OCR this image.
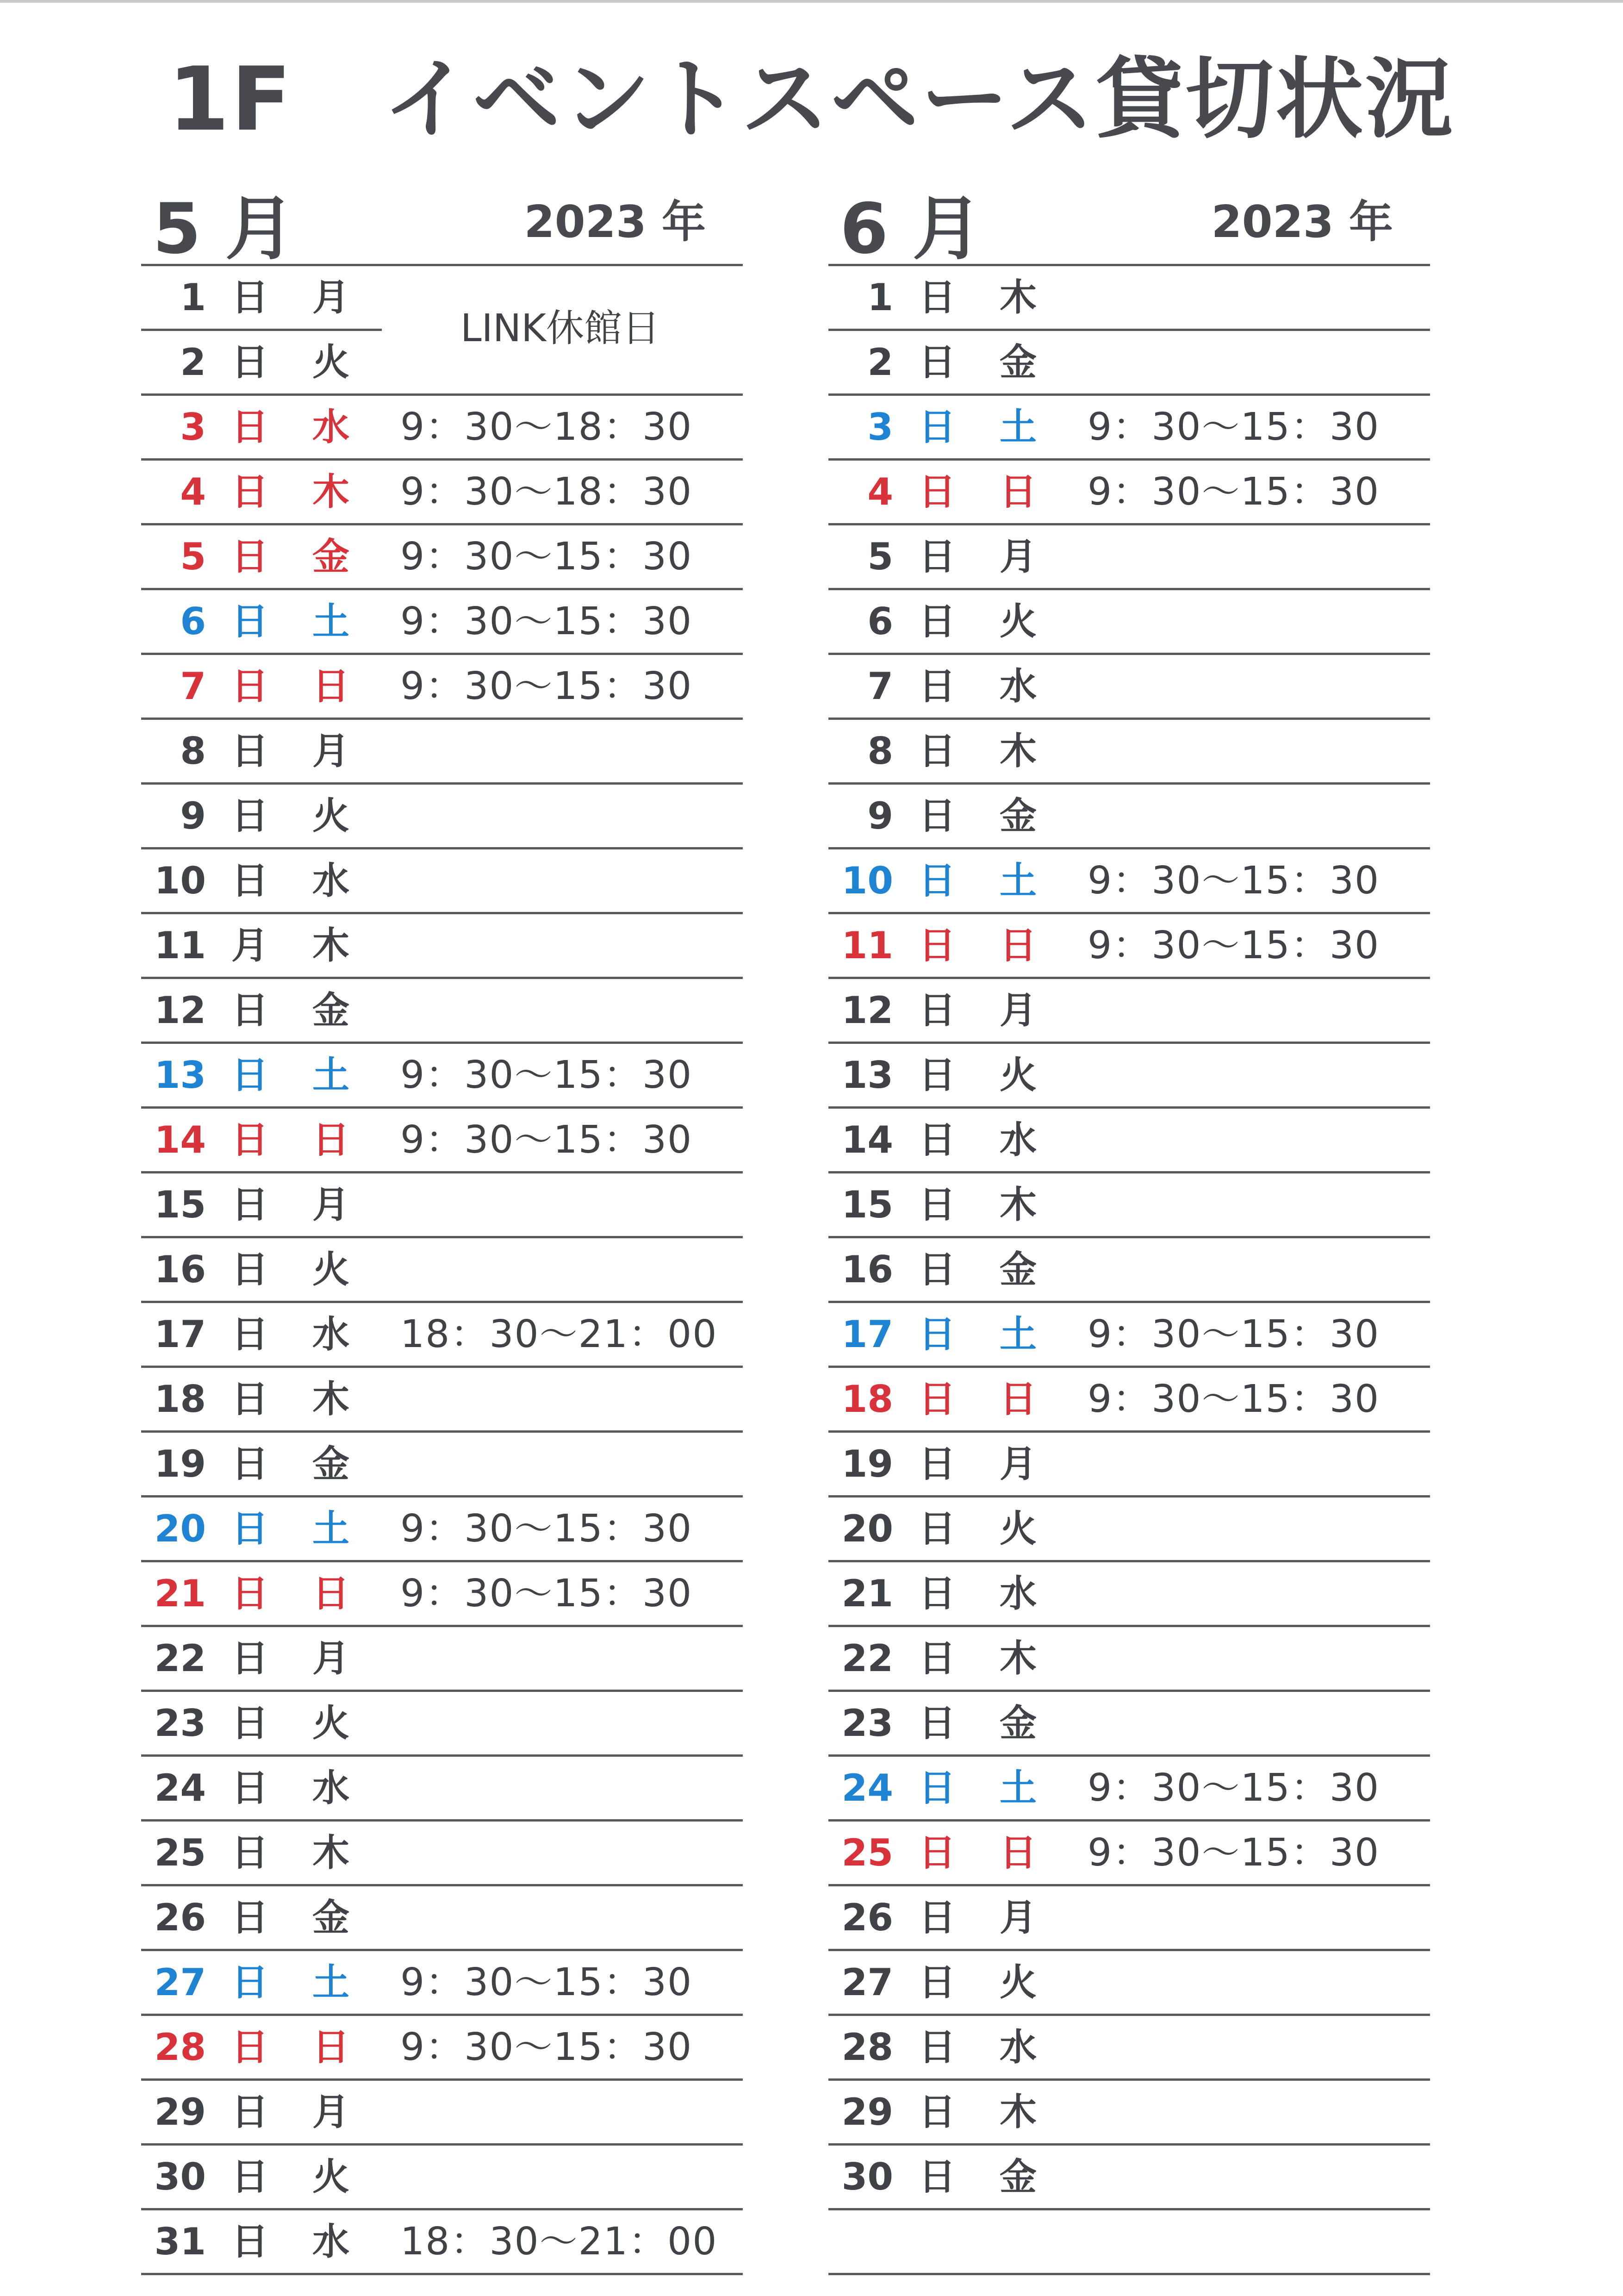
1F　イベントスペース貸切状況
5 月	2023 年
1 日 月
2 日 火
3 日 水 9：30〜18：30
4 日 木 9：30〜18：30
5 日 金 9：30〜15：30
6 日 土 9：30〜15：30
7 日 日 9：30〜15：30
8 日 月
9 日 火
10 日 水
11 月 木
12 日 金
13 日 土 9：30〜15：30
14 日 日 9：30〜15：30
15 日 月
16 日 火
17 日 水 18：30〜21：00
18 日 木
19 日 金
20 日 土 9：30〜15：30
21 日 日 9：30〜15：30
22 日 月
23 日 火
24 日 水
25 日 木
26 日 金
27 日 土 9：30〜15：30
28 日 日 9：30〜15：30
29 日 月
30 日 火
31 日 水 18：30〜21：00
LINK休館日
6 月	2023 年
1 日 木
2 日 金
3 日 土 9：30〜15：30
4 日 日 9：30〜15：30
5 日 月
6 日 火
7 日 水
8 日 木
9 日 金
10 日 土 9：30〜15：30
11 日 日 9：30〜15：30
12 日 月
13 日 火
14 日 水
15 日 木
16 日 金
17 日 土 9：30〜15：30
18 日 日 9：30〜15：30
19 日 月
20 日 火
21 日 水
22 日 木
23 日 金
24 日 土 9：30〜15：30
25 日 日 9：30〜15：30
26 日 月
27 日 火
28 日 水
29 日 木
30 日 金
